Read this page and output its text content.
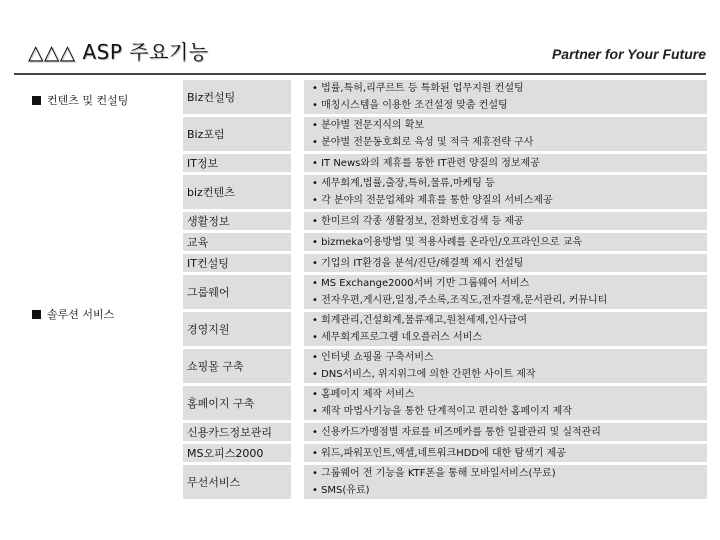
△△△ ASP 주요기능	Partner for Your Future
컨텐츠 및 컨설팅
솔루션 서비스
Biz컨설팅
• 법률,특허,리쿠르트 등 특화된 업무지원 컨설팅
• 매칭시스템을 이용한 조건설정 맞춤 컨설팅
Biz포럼
• 분야별 전문지식의 확보
• 분야별 전문동호회로 육성 및 적극 제휴전략 구사
IT정보	• IT News와의 제휴를 통한 IT관련 양질의 정보제공
biz컨텐츠
• 세무회계,법률,출장,특허,물류,마케팅 등
• 각 분야의 전문업체와 제휴를 통한 양질의 서비스제공
생활정보	• 한미르의 각종 생활정보, 전화번호검색 등 제공
교육	• bizmeka이용방법 및 적용사례를 온라인/오프라인으로 교육
IT컨설팅	• 기업의 IT환경을 분석/진단/해결책 제시 컨설팅
그룹웨어
• MS Exchange2000서버 기반 그룹웨어 서비스
• 전자우편,게시판,일정,주소록,조직도,전자결재,문서관리, 커뮤니티
경영지원
• 회계관리,건설회계,물류재고,원천세제,인사급여
• 세무회계프로그램 네오플러스 서비스
쇼핑몰 구축
• 인터넷 쇼핑몰 구축서비스
• DNS서비스, 위지위그에 의한 간편한 사이트 제작
홈페이지 구축
• 홈페이지 제작 서비스
• 제작 마법사기능을 통한 단계적이고 편리한 홈페이지 제작
신용카드정보관리	• 신용카드가맹점별 자료를 비즈메카를 통한 일괄관리 및 실적관리
MS오피스2000	• 워드,파워포인트,액셀,네트워크HDD에 대한 탐색기 제공
무선서비스
• 그룹웨어 전 기능을 KTF폰을 통해 모바일서비스(무료)
• SMS(유료)
